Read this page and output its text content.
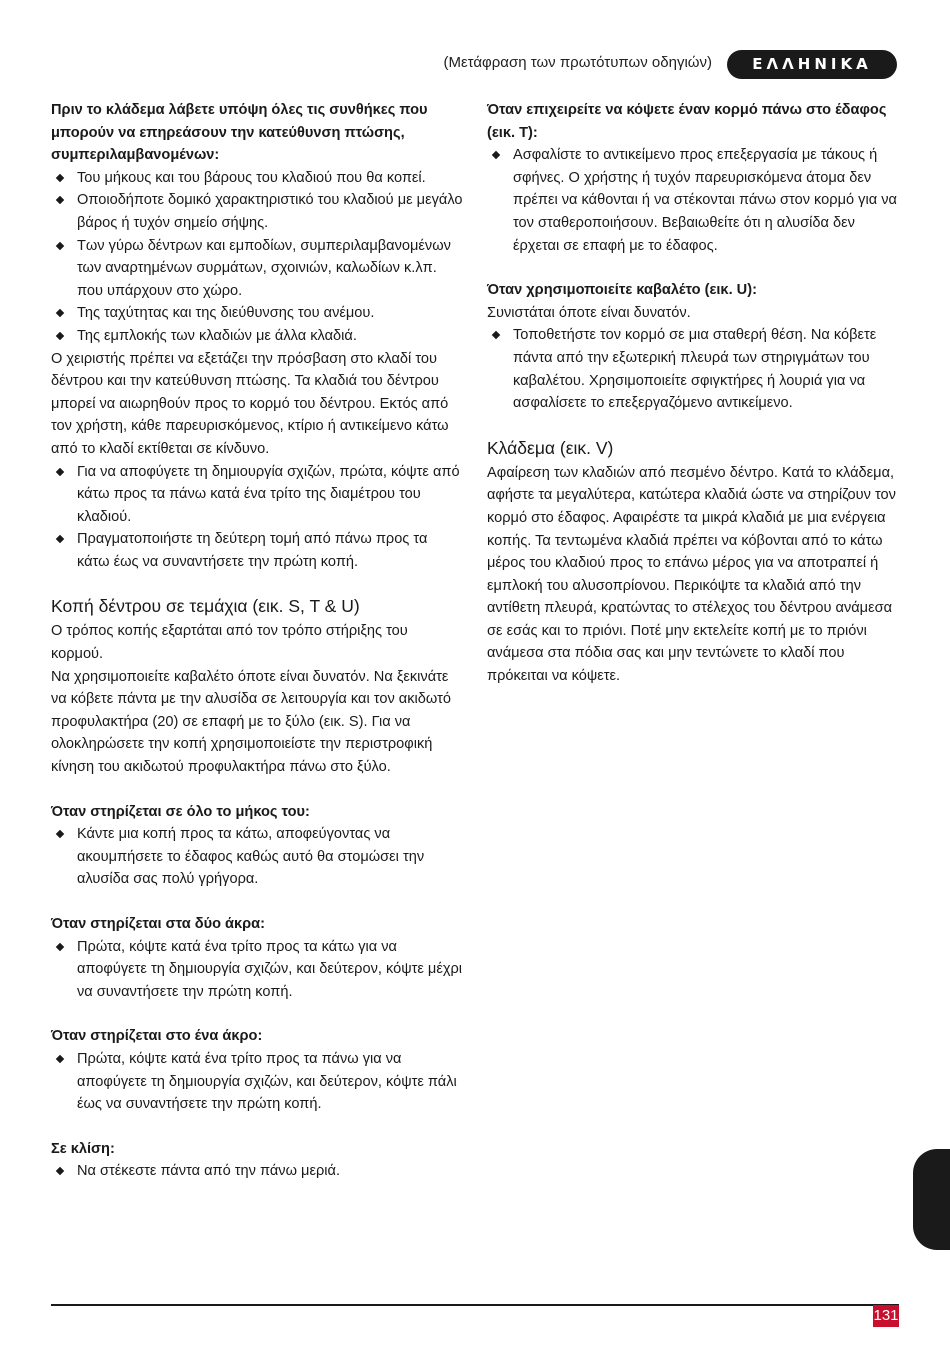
(Μετάφραση των πρωτότυπων οδηγιών)	ΕΛΛΗΝΙΚΑ

Πριν το κλάδεμα λάβετε υπόψη όλες τις συνθήκες που μπορούν να επηρεάσουν την κατεύθυνση πτώσης, συμπεριλαμβανομένων:

Του μήκους και του βάρους του κλαδιού που θα κοπεί.
Οποιοδήποτε δομικό χαρακτηριστικό του κλαδιού με μεγάλο βάρος ή τυχόν σημείο σήψης.
Των γύρω δέντρων και εμποδίων, συμπεριλαμβανομένων των αναρτημένων συρμάτων, σχοινιών, καλωδίων κ.λπ. που υπάρχουν στο χώρο.
Της ταχύτητας και της διεύθυνσης του ανέμου.
Της εμπλοκής των κλαδιών με άλλα κλαδιά.

Ο χειριστής πρέπει να εξετάζει την πρόσβαση στο κλαδί του δέντρου και την κατεύθυνση πτώσης. Τα κλαδιά του δέντρου μπορεί να αιωρηθούν προς το κορμό του δέντρου. Εκτός από τον χρήστη, κάθε παρευρισκόμενος, κτίριο ή αντικείμενο κάτω από το κλαδί εκτίθεται σε κίνδυνο.

Για να αποφύγετε τη δημιουργία σχιζών, πρώτα, κόψτε από κάτω προς τα πάνω κατά ένα τρίτο της διαμέτρου του κλαδιού.
Πραγματοποιήστε τη δεύτερη τομή από πάνω προς τα κάτω έως να συναντήσετε την πρώτη κοπή.
Κοπή δέντρου σε τεμάχια (εικ. S, T & U)

Ο τρόπος κοπής εξαρτάται από τον τρόπο στήριξης του κορμού.

Να χρησιμοποιείτε καβαλέτο όποτε είναι δυνατόν. Να ξεκινάτε να κόβετε πάντα με την αλυσίδα σε λειτουργία και τον ακιδωτό προφυλακτήρα (20) σε επαφή με το ξύλο (εικ. S). Για να ολοκληρώσετε την κοπή χρησιμοποιείστε την περιστροφική κίνηση του ακιδωτού προφυλακτήρα πάνω στο ξύλο.

Όταν στηρίζεται σε όλο το μήκος του:

Κάντε μια κοπή προς τα κάτω, αποφεύγοντας να ακουμπήσετε το έδαφος καθώς αυτό θα στομώσει την αλυσίδα σας πολύ γρήγορα.

Όταν στηρίζεται στα δύο άκρα:

Πρώτα, κόψτε κατά ένα τρίτο προς τα κάτω για να αποφύγετε τη δημιουργία σχιζών, και δεύτερον, κόψτε μέχρι να συναντήσετε την πρώτη κοπή.

Όταν στηρίζεται στο ένα άκρο:

Πρώτα, κόψτε κατά ένα τρίτο προς τα πάνω για να αποφύγετε τη δημιουργία σχιζών, και δεύτερον, κόψτε πάλι έως να συναντήσετε την πρώτη κοπή.

Σε κλίση:

Να στέκεστε πάντα από την πάνω μεριά.

Όταν επιχειρείτε να κόψετε έναν κορμό πάνω στο έδαφος (εικ. T):

Ασφαλίστε το αντικείμενο προς επεξεργασία με τάκους ή σφήνες. Ο χρήστης ή τυχόν παρευρισκόμενα άτομα δεν πρέπει να κάθονται ή να στέκονται πάνω στον κορμό για να τον σταθεροποιήσουν. Βεβαιωθείτε ότι η αλυσίδα δεν έρχεται σε επαφή με το έδαφος.

Όταν χρησιμοποιείτε καβαλέτο (εικ. U):

Συνιστάται όποτε είναι δυνατόν.

Τοποθετήστε τον κορμό σε μια σταθερή θέση. Να κόβετε πάντα από την εξωτερική πλευρά των στηριγμάτων του καβαλέτου. Χρησιμοποιείτε σφιγκτήρες ή λουριά για να ασφαλίσετε το επεξεργαζόμενο αντικείμενο.
Κλάδεμα (εικ. V)

Αφαίρεση των κλαδιών από πεσμένο δέντρο. Κατά το κλάδεμα, αφήστε τα μεγαλύτερα, κατώτερα κλαδιά ώστε να στηρίζουν τον κορμό στο έδαφος. Αφαιρέστε τα μικρά κλαδιά με μια ενέργεια κοπής. Τα τεντωμένα κλαδιά πρέπει να κόβονται από το κάτω μέρος του κλαδιού προς το επάνω μέρος για να αποτραπεί ή εμπλοκή του αλυσοπρίονου. Περικόψτε τα κλαδιά από την αντίθετη πλευρά, κρατώντας το στέλεχος του δέντρου ανάμεσα σε εσάς και το πριόνι. Ποτέ μην εκτελείτε κοπή με το πριόνι ανάμεσα στα πόδια σας και μην τεντώνετε το κλαδί που πρόκειται να κόψετε.

131
